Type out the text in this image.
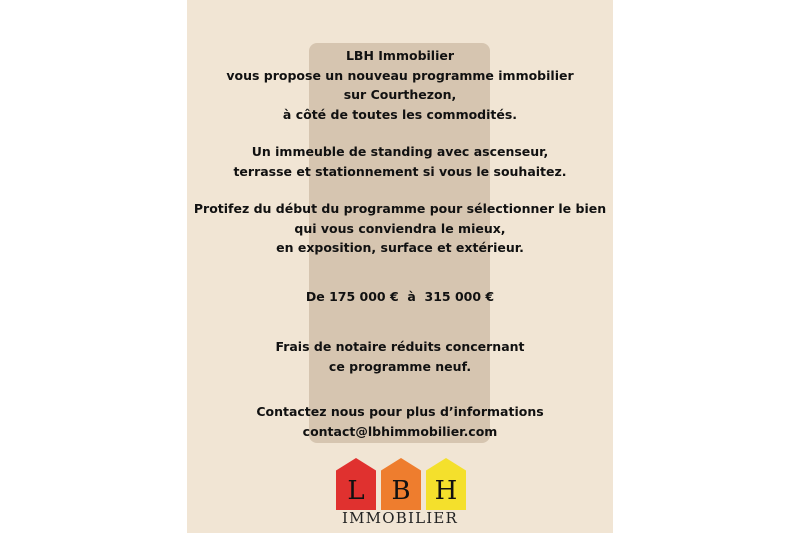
LBH Immobilier
vous propose un nouveau programme immobilier
sur Courthezon,
à côté de toutes les commodités.
Un immeuble de standing avec ascenseur,
terrasse et stationnement si vous le souhaitez.
Protifez du début du programme pour sélectionner le bien
qui vous conviendra le mieux,
en exposition, surface et extérieur.
De 175 000 €  à  315 000 €
Frais de notaire réduits concernant
ce programme neuf.
Contactez nous pour plus d’informations
contact@lbhimmobilier.com
L	B H
IMMOBILIER
